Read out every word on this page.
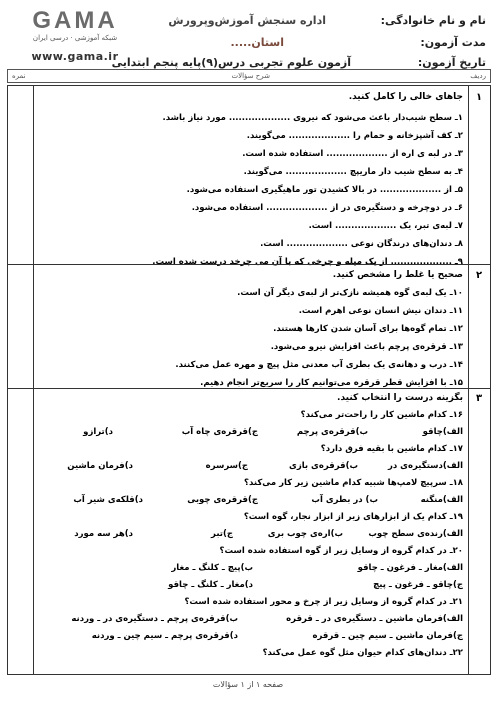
GAMA
شبکه آموزشی · درسی ایران
www.gama.ir
نام و نام خانوادگی:
اداره سنجش آموزش‌وپرورش
مدت آزمون:
استان.....
تاریخ آزمون:
آزمون علوم تجربی درس(۹)پایه پنجم ابتدایی
ردیف
شرح سؤالات
نمره
۱
جاهای خالی را کامل کنید.
۱ـ سطح شیب‌دار باعث می‌شود که نیروی ................... مورد نیاز باشد.
۲ـ کف آشپزخانه و حمام را ................... می‌گویند.
۳ـ در لبه ی اره از ................... استفاده شده است.
۴ـ به سطح شیب دار ماریپچ ................... می‌گویند.
۵ـ از ................... در بالا کشیدن تور ماهیگیری استفاده می‌شود.
۶ـ در دوچرخه و دستگیره‌ی در از ................... استفاده می‌شود.
۷ـ لبه‌ی تبر، یک ................... است.
۸ـ دندان‌های درندگان نوعی ................... است.
۹ـ ................... از یک میله و چرخی که با آن می چرخد درست شده است.
۲
صحیح یا غلط را مشخص کنید.
۱۰ـ یک لبه‌ی گوه همیشه نازک‌تر از لبه‌ی دیگر آن است.
۱۱ـ دندان نیش انسان نوعی اهرم است.
۱۲ـ تمام گوه‌ها برای آسان شدن کارها هستند.
۱۳ـ قرقره‌ی پرچم باعث افزایش نیرو می‌شود.
۱۴ـ درب و دهانه‌ی یک بطری آب معدنی مثل پیچ و مهره عمل می‌کنند.
۱۵ـ با افزایش قطر قرقره می‌توانیم کار را سریع‌تر انجام دهیم.
۳
بگزینه درست را انتخاب کنید.
۱۶ـ کدام ماشین کار را راحت‌تر می‌کند؟
الف)چاقو
ب)قرقره‌ی پرچم
ج)قرقره‌ی چاه آب
د)ترازو
۱۷ـ کدام ماشین با بقیه فرق دارد؟
الف)دستگیره‌ی در
ب)قرقره‌ی بازی
ج)سرسره
د)فرمان ماشین
۱۸ـ سرپیچ لامپ‌ها شبیه کدام ماشین زیر کار می‌کند؟
الف)منگنه
ب) در بطری آب
ج)قرقره‌ی چوبی
د)قلکه‌ی شیر آب
۱۹ـ کدام یک از ابزارهای زیر از ابزار نجار، گوه است؟
الف)رنده‌ی سطح چوب
ب)اره‌ی چوب بری
ج)تبر
د)هر سه مورد
۲۰ـ در کدام گروه از وسایل زیر از گوه استفاده شده است؟
الف)مغار ـ فرغون ـ چاقو
ب)پیچ ـ کلنگ ـ مغار
ج)چاقو ـ فرغون ـ پیچ
د)مغار ـ کلنگ ـ چاقو
۲۱ـ در کدام گروه از وسایل زیر از چرخ و محور استفاده شده است؟
الف)فرمان ماشین ـ دستگیره‌ی در ـ قرقره
ب)قرقره‌ی پرچم ـ دستگیره‌ی در ـ وردنه
ج)فرمان ماشین ـ سیم چین ـ قرقره
د)قرقره‌ی پرچم ـ سیم چین ـ وردنه
۲۲ـ دندان‌های کدام حیوان مثل گوه عمل می‌کند؟
صفحه ۱ از ۱ سؤالات
